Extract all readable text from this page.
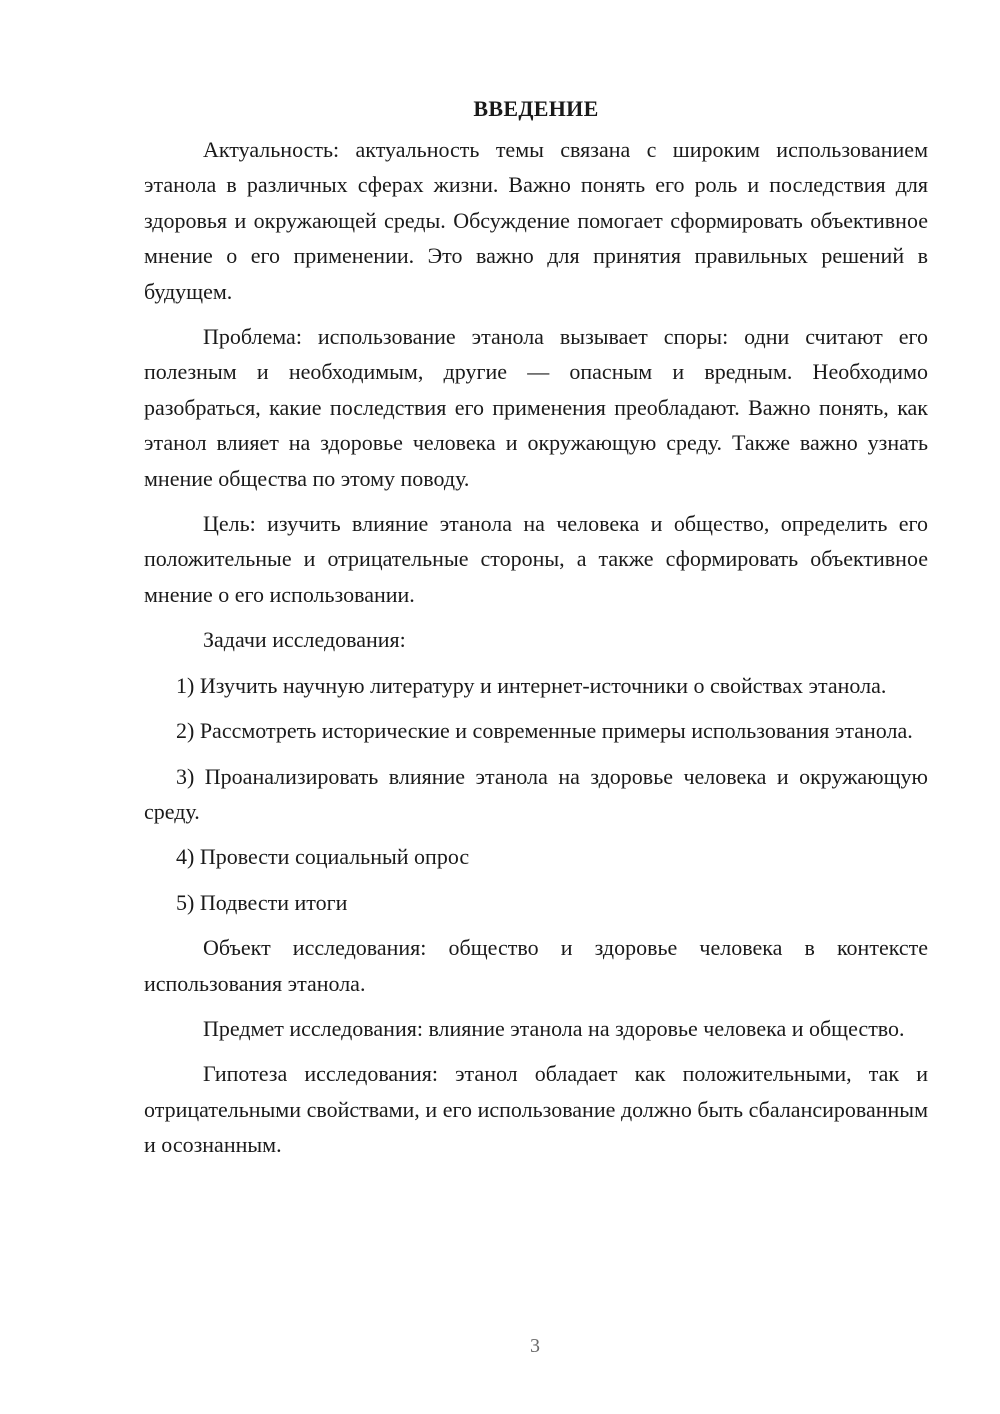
ВВЕДЕНИЕ

Актуальность: актуальность темы связана с широким использованием этанола в различных сферах жизни. Важно понять его роль и последствия для здоровья и окружающей среды. Обсуждение помогает сформировать объективное мнение о его применении. Это важно для принятия правильных решений в будущем.

Проблема: использование этанола вызывает споры: одни считают его полезным и необходимым, другие — опасным и вредным. Необходимо разобраться, какие последствия его применения преобладают. Важно понять, как этанол влияет на здоровье человека и окружающую среду. Также важно узнать мнение общества по этому поводу.

Цель: изучить влияние этанола на человека и общество, определить его положительные и отрицательные стороны, а также сформировать объективное мнение о его использовании.

Задачи исследования:

1) Изучить научную литературу и интернет-источники о свойствах этанола.

2) Рассмотреть исторические и современные примеры использования этанола.

3) Проанализировать влияние этанола на здоровье человека и окружающую среду.

4) Провести социальный опрос

5) Подвести итоги

Объект исследования: общество и здоровье человека в контексте использования этанола.

Предмет исследования: влияние этанола на здоровье человека и общество.

Гипотеза исследования: этанол обладает как положительными, так и отрицательными свойствами, и его использование должно быть сбалансированным и осознанным.

3
